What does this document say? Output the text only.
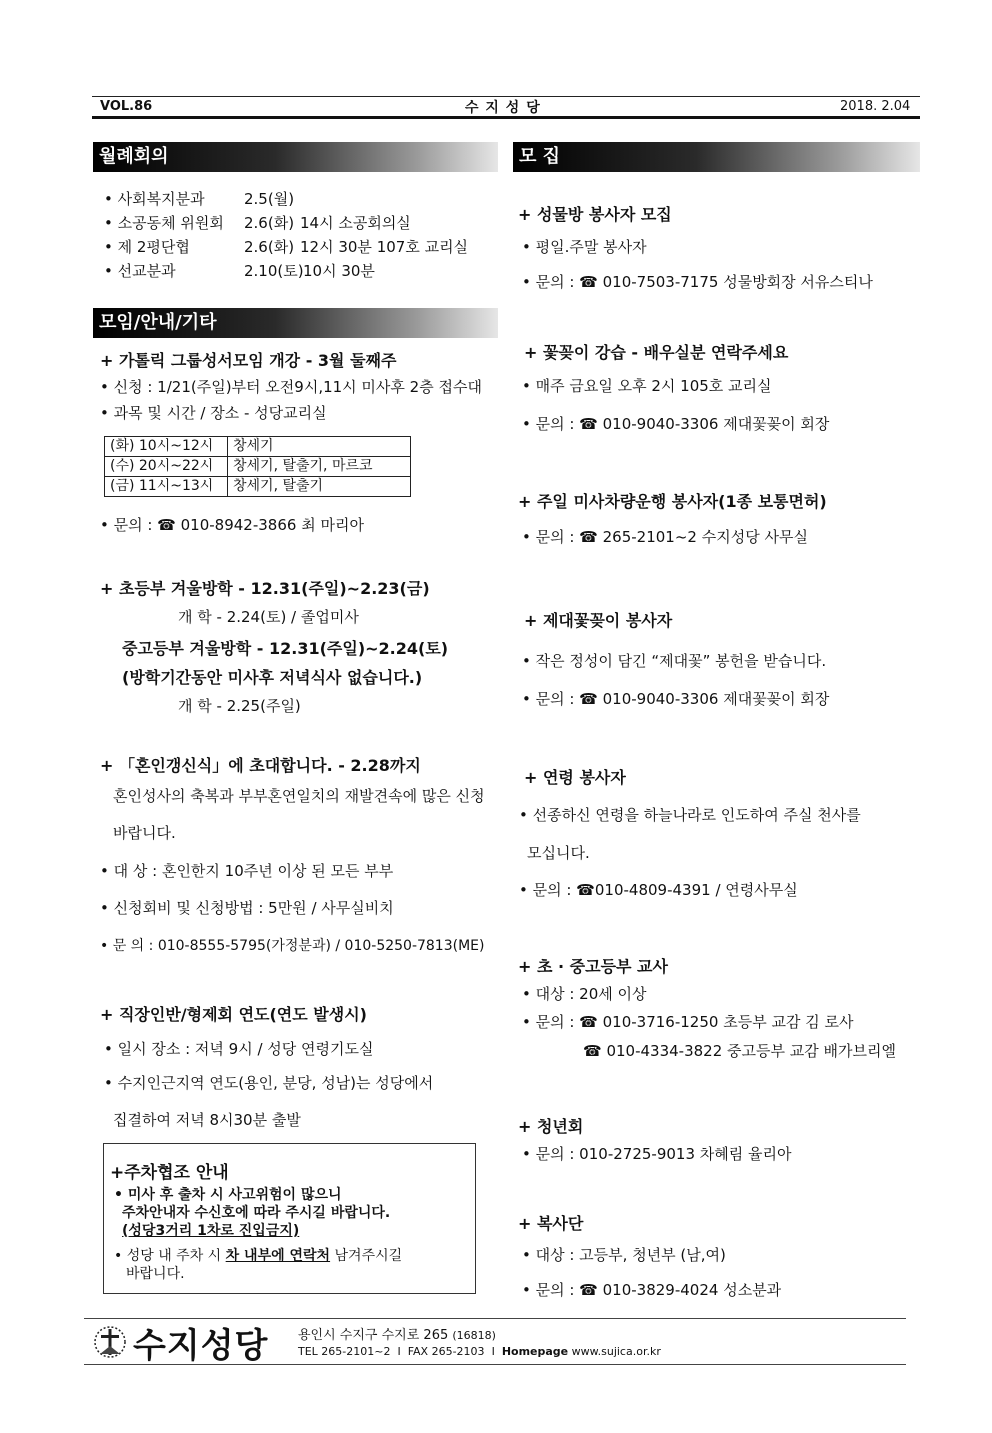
VOL.86	수 지 성 당	2018. 2.04
월례회의
• 사회복지분과	2.5(월)
• 소공동체 위원회 2.6(화) 14시 소공회의실
• 제 2평단협	2.6(화) 12시 30분 107호 교리실
• 선교분과	2.10(토) 10시 30분
모임/안내/기타
+ 가톨릭 그룹성서모임 개강 - 3월 둘째주
• 신청 : 1/21(주일)부터 오전9시,11시 미사후 2층 접수대
• 과목 및 시간 / 장소 - 성당교리실
(화) 10시~12시	창세기
(수) 20시~22시	창세기, 탈출기, 마르코
(금) 11시~13시	창세기, 탈출기
• 문의 : ☎ 010-8942-3866 최 마리아
+ 초등부 겨울방학 - 12.31(주일)~2.23(금)
개 학 - 2.24(토) / 졸업미사
중고등부 겨울방학 - 12.31(주일)~2.24(토)
(방학기간동안 미사후 저녁식사 없습니다.)
개 학 - 2.25(주일)
+ 「혼인갱신식」에 초대합니다. - 2.28까지
혼인성사의 축복과 부부혼연일치의 재발견속에 많은 신청
바랍니다.
• 대 상 : 혼인한지 10주년 이상 된 모든 부부
• 신청회비 및 신청방법 : 5만원 / 사무실비치
• 문 의 : 010-8555-5795(가정분과) / 010-5250-7813(ME)
+ 직장인반/형제회 연도(연도 발생시)
• 일시 장소 : 저녁 9시 / 성당 연령기도실
• 수지인근지역 연도(용인, 분당, 성남)는 성당에서
집결하여 저녁 8시30분 출발
+주차협조 안내
• 미사 후 출차 시 사고위험이 많으니
주차안내자 수신호에 따라 주시길 바랍니다.
(성당3거리 1차로 진입금지)
• 성당 내 주차 시 차 내부에 연락처 남겨주시길
바랍니다.
모 집
+ 성물방 봉사자 모집
• 평일.주말 봉사자
• 문의 : ☎ 010-7503-7175 성물방회장 서유스티나
+ 꽃꽂이 강습 - 배우실분 연락주세요
• 매주 금요일 오후 2시 105호 교리실
• 문의 : ☎ 010-9040-3306 제대꽃꽂이 회장
+ 주일 미사차량운행 봉사자(1종 보통면허)
• 문의 : ☎ 265-2101~2 수지성당 사무실
+ 제대꽃꽂이 봉사자
• 작은 정성이 담긴 “제대꽃” 봉헌을 받습니다.
• 문의 : ☎ 010-9040-3306 제대꽃꽂이 회장
+ 연령 봉사자
• 선종하신 연령을 하늘나라로 인도하여 주실 천사를
모십니다.
• 문의 : ☎010-4809-4391 / 연령사무실
+ 초 · 중고등부 교사
• 대상 : 20세 이상
• 문의 : ☎ 010-3716-1250 초등부 교감 김 로사
☎ 010-4334-3822 중고등부 교감 배가브리엘
+ 청년회
• 문의 : 010-2725-9013 차혜림 율리아
+ 복사단
• 대상 : 고등부, 청년부 (남,여)
• 문의 : ☎ 010-3829-4024 성소분과
수지성당 용인시 수지구 수지로 265 (16818)
TEL 265-2101~2 I FAX 265-2103 I Homepage www.sujica.or.kr
